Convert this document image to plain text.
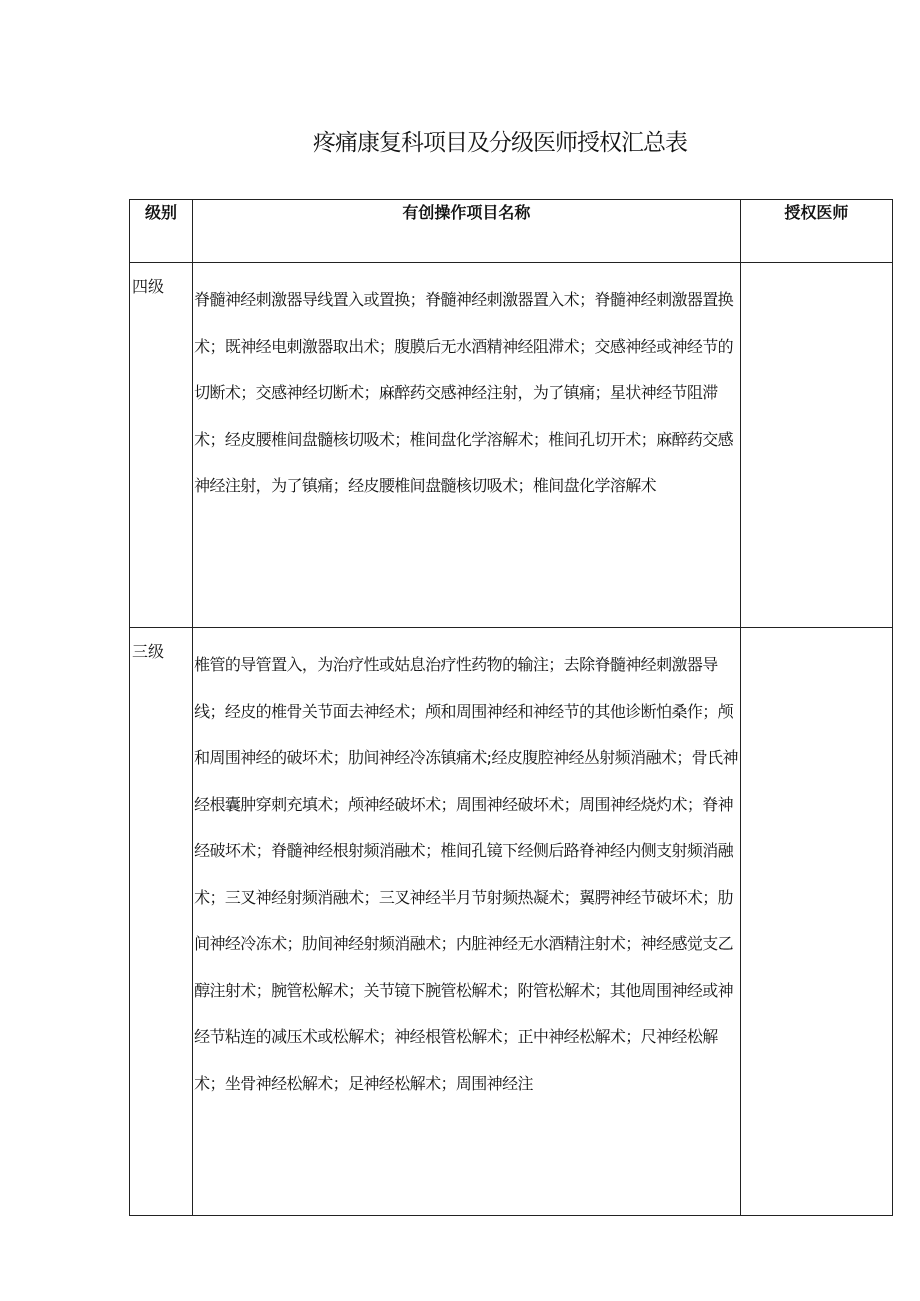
疼痛康复科项目及分级医师授权汇总表
级别	有创操作项目名称	授权医师
四级	脊髓神经刺激器导线置入或置换；脊髓神经刺激器置入术；脊髓神经刺激器置换术；既神经电刺激器取出术；腹膜后无水酒精神经阻滞术；交感神经或神经节的切断术；交感神经切断术；麻醉药交感神经注射，为了镇痛；星状神经节阻滞术；经皮腰椎间盘髓核切吸术；椎间盘化学溶解术；椎间孔切开术；麻醉药交感神经注射，为了镇痛；经皮腰椎间盘髓核切吸术；椎间盘化学溶解术	
三级	椎管的导管置入，为治疗性或姑息治疗性药物的输注；去除脊髓神经刺激器导线；经皮的椎骨关节面去神经术；颅和周围神经和神经节的其他诊断怕桑作；颅和周围神经的破坏术；肋间神经冷冻镇痛术;经皮腹腔神经丛射频消融术；骨氏神经根囊肿穿刺充填术；颅神经破坏术；周围神经破坏术；周围神经烧灼术；脊神经破坏术；脊髓神经根射频消融术；椎间孔镜下经侧后路脊神经内侧支射频消融术；三叉神经射频消融术；三叉神经半月节射频热凝术；翼腭神经节破坏术；肋间神经冷冻术；肋间神经射频消融术；内脏神经无水酒精注射术；神经感觉支乙醇注射术；腕管松解术；关节镜下腕管松解术；附管松解术；其他周围神经或神经节粘连的减压术或松解术；神经根管松解术；正中神经松解术；尺神经松解术；坐骨神经松解术；足神经松解术；周围神经注	
